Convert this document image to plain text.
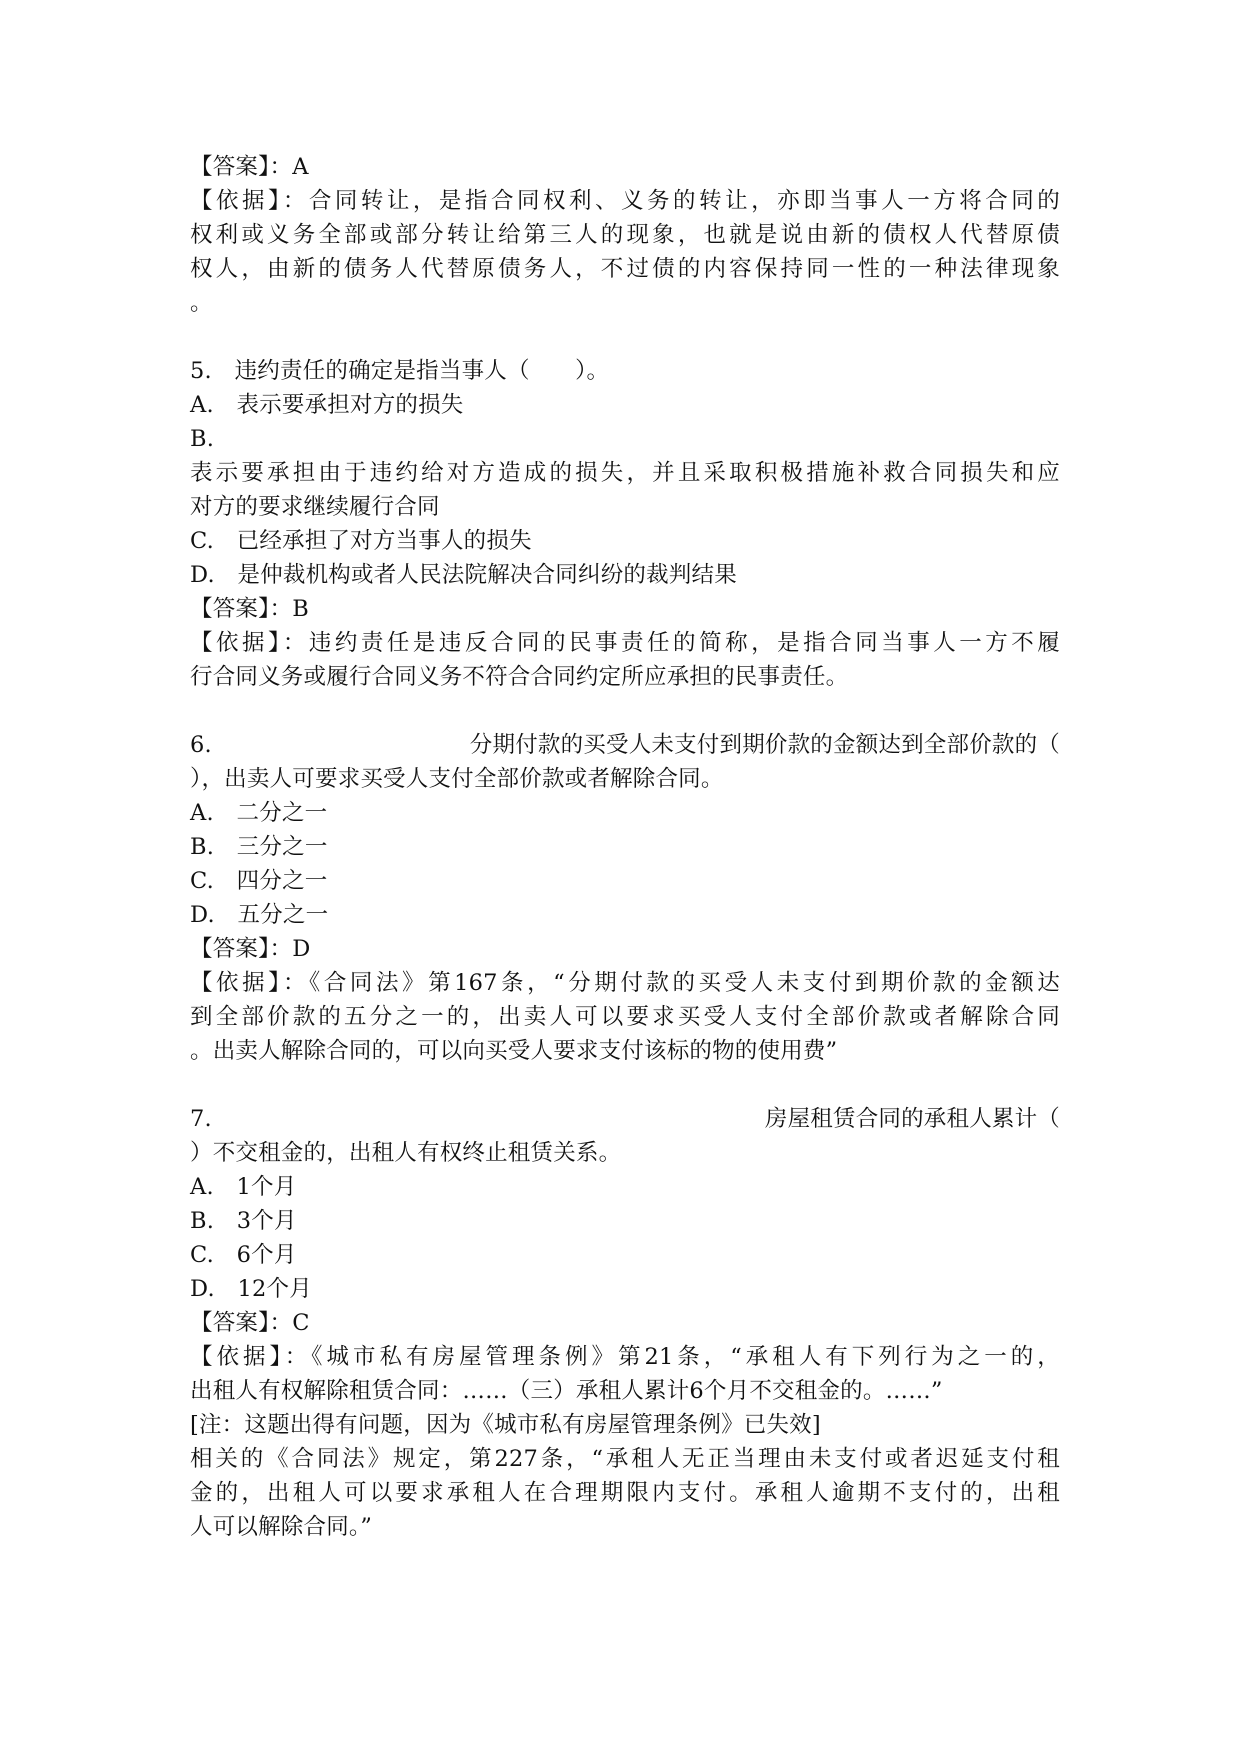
【答案】：A
【依据】：合同转让，是指合同权利、义务的转让，亦即当事人一方将合同的
权利或义务全部或部分转让给第三人的现象，也就是说由新的债权人代替原债
权人，由新的债务人代替原债务人，不过债的内容保持同一性的一种法律现象
。
5.　违约责任的确定是指当事人（　　）。
A.　表示要承担对方的损失
B.
表示要承担由于违约给对方造成的损失，并且采取积极措施补救合同损失和应
对方的要求继续履行合同
C.　已经承担了对方当事人的损失
D.　是仲裁机构或者人民法院解决合同纠纷的裁判结果
【答案】：B
【依据】：违约责任是违反合同的民事责任的简称，是指合同当事人一方不履
行合同义务或履行合同义务不符合合同约定所应承担的民事责任。
6.	分期付款的买受人未支付到期价款的金额达到全部价款的（
），出卖人可要求买受人支付全部价款或者解除合同。
A.　二分之一
B.　三分之一
C.　四分之一
D.　五分之一
【答案】：D
【依据】：《合同法》第167条，“分期付款的买受人未支付到期价款的金额达
到全部价款的五分之一的，出卖人可以要求买受人支付全部价款或者解除合同
。出卖人解除合同的，可以向买受人要求支付该标的物的使用费”
7.	房屋租赁合同的承租人累计（
）不交租金的，出租人有权终止租赁关系。
A.　1个月
B.　3个月
C.　6个月
D.　12个月
【答案】：C
【依据】：《城市私有房屋管理条例》第21条，“承租人有下列行为之一的，
出租人有权解除租赁合同：……（三）承租人累计6个月不交租金的。……”
[注：这题出得有问题，因为《城市私有房屋管理条例》已失效]
相关的《合同法》规定，第227条，“承租人无正当理由未支付或者迟延支付租
金的，出租人可以要求承租人在合理期限内支付。承租人逾期不支付的，出租
人可以解除合同。”
